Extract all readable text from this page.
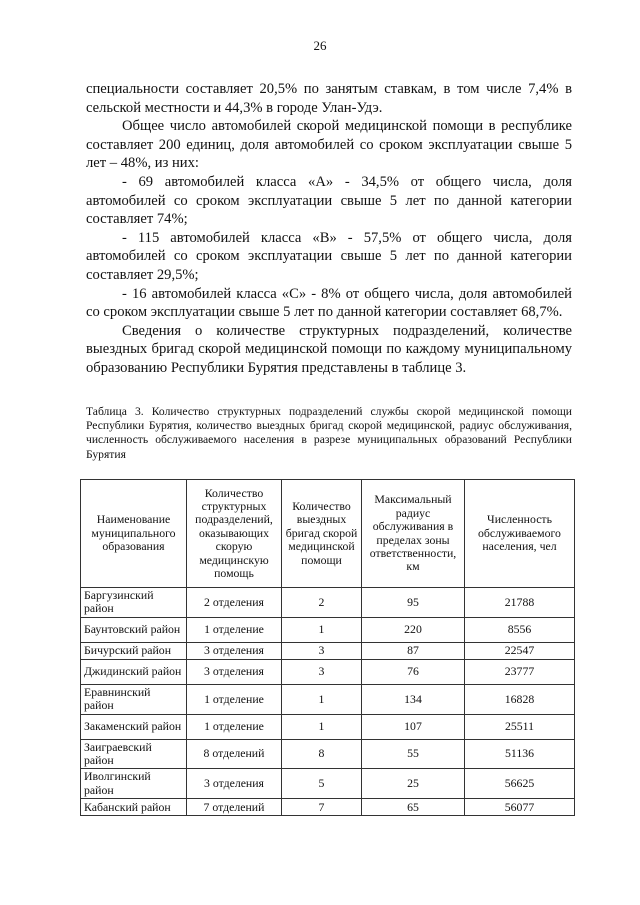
26

специальности составляет 20,5% по занятым ставкам, в том числе 7,4% в сельской местности и 44,3% в городе Улан-Удэ.

Общее число автомобилей скорой медицинской помощи в республике составляет 200 единиц, доля автомобилей со сроком эксплуатации свыше 5 лет – 48%, из них:

- 69 автомобилей класса «А» - 34,5% от общего числа, доля автомобилей со сроком эксплуатации свыше 5 лет по данной категории составляет 74%;

- 115 автомобилей класса «В» - 57,5% от общего числа, доля автомобилей со сроком эксплуатации свыше 5 лет по данной категории составляет 29,5%;

- 16 автомобилей класса «С» - 8% от общего числа, доля автомобилей со сроком эксплуатации свыше 5 лет по данной категории составляет 68,7%.

Сведения о количестве структурных подразделений, количестве выездных бригад скорой медицинской помощи по каждому муниципальному образованию Республики Бурятия представлены в таблице 3.

Таблица 3. Количество структурных подразделений службы скорой медицинской помощи Республики Бурятия, количество выездных бригад скорой медицинской, радиус обслуживания, численность обслуживаемого населения в разрезе муниципальных образований Республики Бурятия
Наименование муниципального образования	Количество структурных подразделений, оказывающих скорую медицинскую помощь	Количество выездных бригад скорой медицинской помощи	Максимальный радиус обслуживания в пределах зоны ответственности, км	Численность обслуживаемого населения, чел
Баргузинский район	2 отделения	2	95	21788
Баунтовский район	1 отделение	1	220	8556
Бичурский район	3 отделения	3	87	22547
Джидинский район	3 отделения	3	76	23777
Еравнинский район	1 отделение	1	134	16828
Закаменский район	1 отделение	1	107	25511
Заиграевский район	8 отделений	8	55	51136
Иволгинский район	3 отделения	5	25	56625
Кабанский район	7 отделений	7	65	56077
